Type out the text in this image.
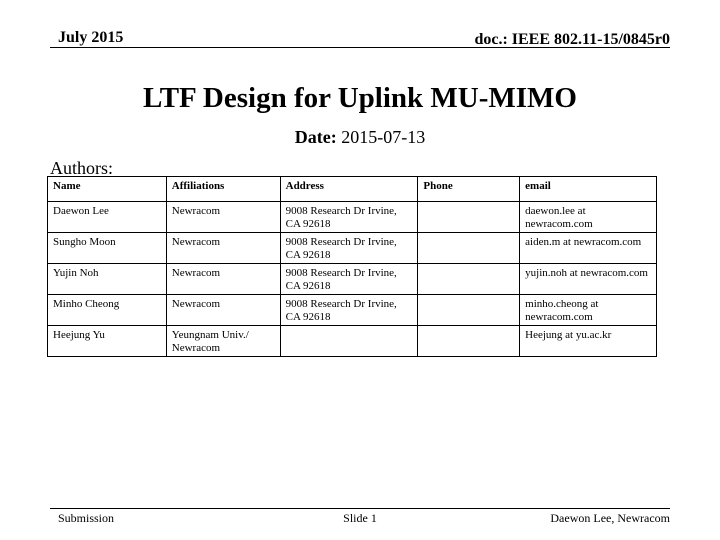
July 2015	doc.: IEEE 802.11-15/0845r0
LTF Design for Uplink MU-MIMO
Date: 2015-07-13
Authors:
Name	Affiliations	Address	Phone	email
Daewon Lee	Newracom	9008 Research Dr Irvine, CA 92618		daewon.lee at newracom.com
Sungho Moon	Newracom	9008 Research Dr Irvine, CA 92618		aiden.m at newracom.com
Yujin Noh	Newracom	9008 Research Dr Irvine, CA 92618		yujin.noh at newracom.com
Minho Cheong	Newracom	9008 Research Dr Irvine, CA 92618		minho.cheong at newracom.com
Heejung Yu	Yeungnam Univ./ Newracom			Heejung at yu.ac.kr
Submission	Slide 1	Daewon Lee, Newracom
